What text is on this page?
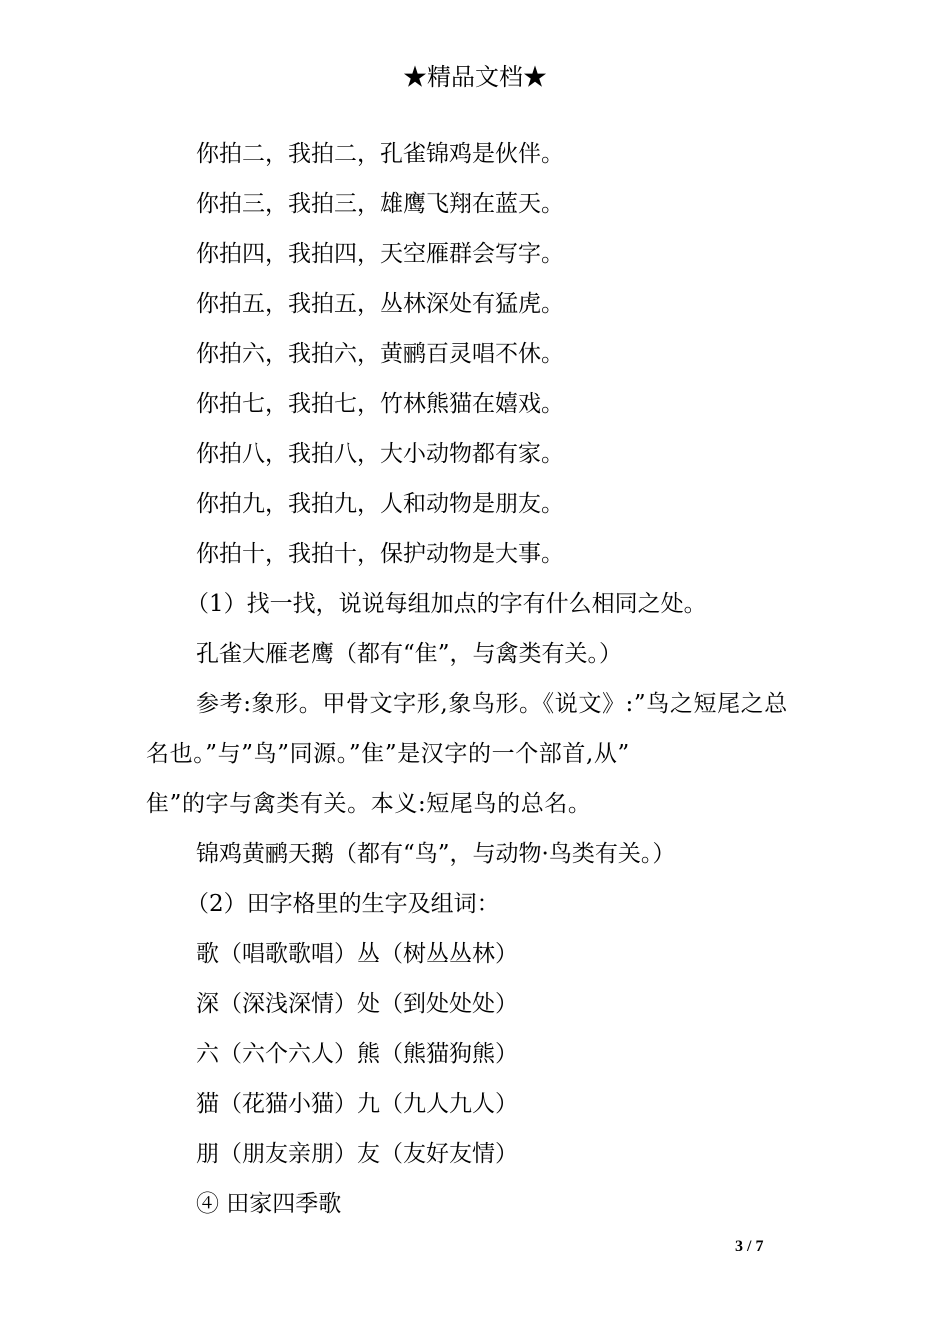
★精品文档★

你拍二，我拍二，孔雀锦鸡是伙伴。

你拍三，我拍三，雄鹰飞翔在蓝天。

你拍四，我拍四，天空雁群会写字。

你拍五，我拍五，丛林深处有猛虎。

你拍六，我拍六，黄鹂百灵唱不休。

你拍七，我拍七，竹林熊猫在嬉戏。

你拍八，我拍八，大小动物都有家。

你拍九，我拍九，人和动物是朋友。

你拍十，我拍十，保护动物是大事。

（1）找一找，说说每组加点的字有什么相同之处。

孔雀大雁老鹰（都有“隹”，与禽类有关。）

参考:象形。甲骨文字形,象鸟形。《说文》:”鸟之短尾之总名也。”与”鸟”同源。”隹”是汉字的一个部首,从”

隹”的字与禽类有关。本义:短尾鸟的总名。

锦鸡黄鹂天鹅（都有“鸟”，与动物·鸟类有关。）

（2）田字格里的生字及组词：

歌（唱歌歌唱）丛（树丛丛林）

深（深浅深情）处（到处处处）

六（六个六人）熊（熊猫狗熊）

猫（花猫小猫）九（九人九人）

朋（朋友亲朋）友（友好友情）

④ 田家四季歌

3 / 7
